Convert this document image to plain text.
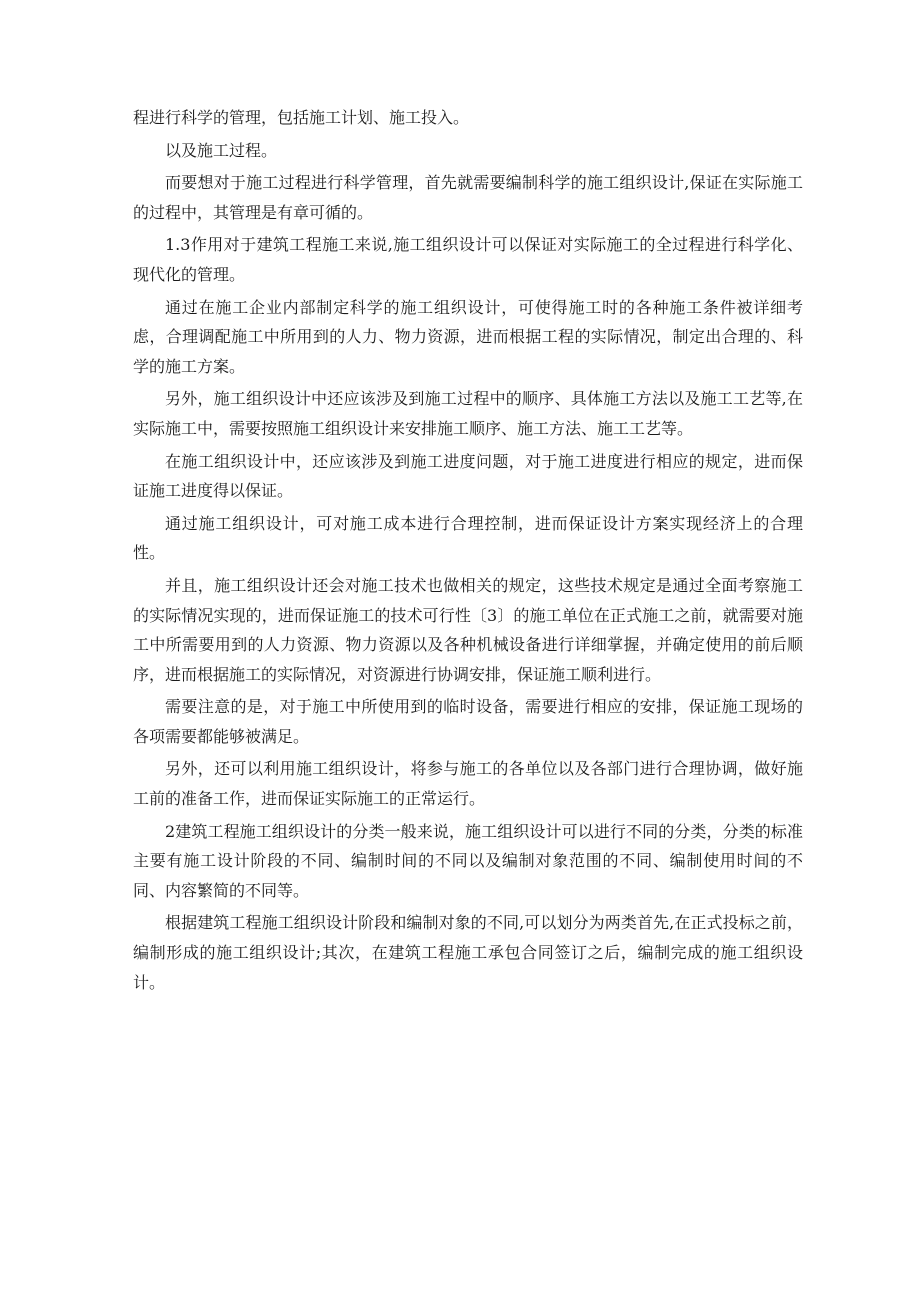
程进行科学的管理，包括施工计划、施工投入。

以及施工过程。

而要想对于施工过程进行科学管理，首先就需要编制科学的施工组织设计,保证在实际施工的过程中，其管理是有章可循的。

1.3作用对于建筑工程施工来说,施工组织设计可以保证对实际施工的全过程进行科学化、现代化的管理。

通过在施工企业内部制定科学的施工组织设计，可使得施工时的各种施工条件被详细考虑，合理调配施工中所用到的人力、物力资源，进而根据工程的实际情况，制定出合理的、科学的施工方案。

另外，施工组织设计中还应该涉及到施工过程中的顺序、具体施工方法以及施工工艺等,在实际施工中，需要按照施工组织设计来安排施工顺序、施工方法、施工工艺等。

在施工组织设计中，还应该涉及到施工进度问题，对于施工进度进行相应的规定，进而保证施工进度得以保证。

通过施工组织设计，可对施工成本进行合理控制，进而保证设计方案实现经济上的合理性。

并且，施工组织设计还会对施工技术也做相关的规定，这些技术规定是通过全面考察施工的实际情况实现的，进而保证施工的技术可行性〔3〕的施工单位在正式施工之前，就需要对施工中所需要用到的人力资源、物力资源以及各种机械设备进行详细掌握，并确定使用的前后顺序，进而根据施工的实际情况，对资源进行协调安排，保证施工顺利进行。

需要注意的是，对于施工中所使用到的临时设备，需要进行相应的安排，保证施工现场的各项需要都能够被满足。

另外，还可以利用施工组织设计，将参与施工的各单位以及各部门进行合理协调，做好施工前的准备工作，进而保证实际施工的正常运行。

2建筑工程施工组织设计的分类一般来说，施工组织设计可以进行不同的分类，分类的标准主要有施工设计阶段的不同、编制时间的不同以及编制对象范围的不同、编制使用时间的不同、内容繁简的不同等。

根据建筑工程施工组织设计阶段和编制对象的不同,可以划分为两类首先,在正式投标之前，编制形成的施工组织设计;其次，在建筑工程施工承包合同签订之后，编制完成的施工组织设计。
